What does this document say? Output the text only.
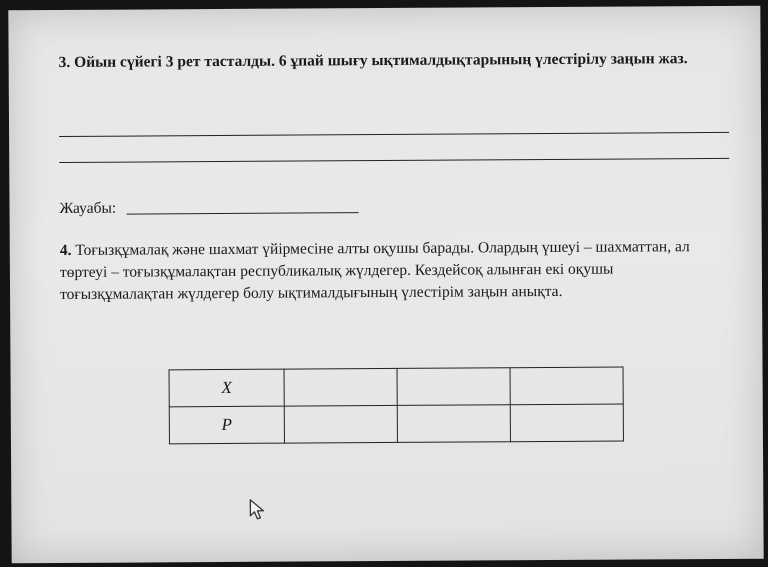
3. Ойын сүйегі 3 рет тасталды. 6 ұпай шығу ықтималдықтарының үлестірілу заңын жаз.
Жауабы:
4. Тоғызқұмалақ және шахмат үйірмесіне алты оқушы барады. Олардың үшеуі – шахматтан, ал төртеуі – тоғызқұмалақтан республикалық жүлдегер. Кездейсоқ алынған екі оқушы тоғызқұмалақтан жүлдегер болу ықтималдығының үлестірім заңын анықта.
X			
P			
